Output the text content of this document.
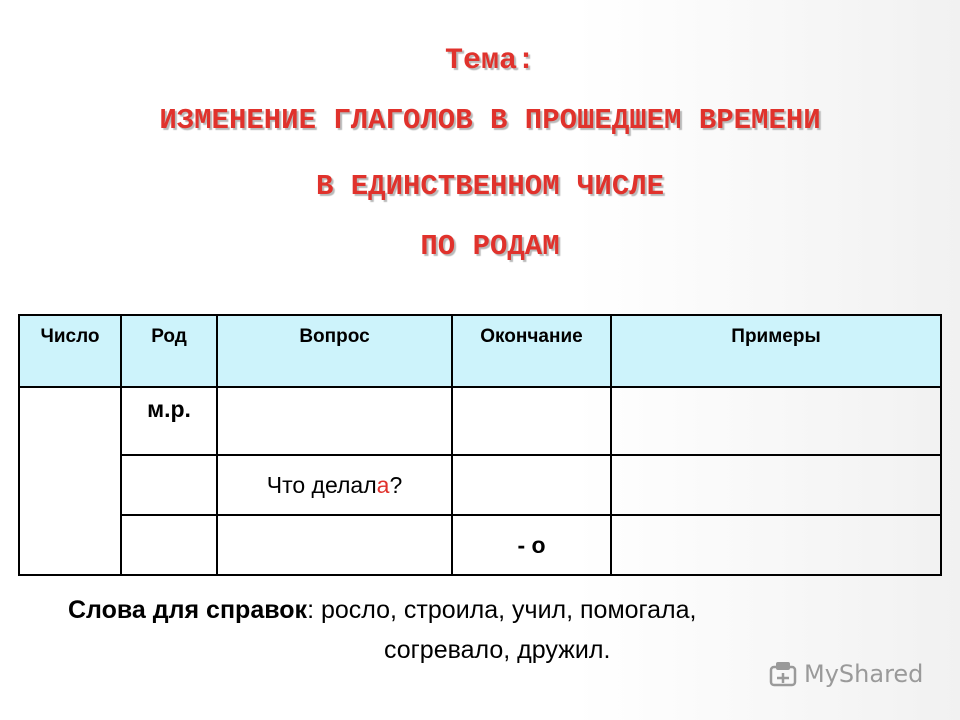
Тема:
ИЗМЕНЕНИЕ ГЛАГОЛОВ В ПРОШЕДШЕМ ВРЕМЕНИ
В ЕДИНСТВЕННОМ ЧИСЛЕ
ПО РОДАМ
Число	Род	Вопрос	Окончание	Примеры
	м.р.			
		Что делала?		
			- о	
Слова для справок: росло, строила, учил, помогала,
согревало, дружил.
MyShared
